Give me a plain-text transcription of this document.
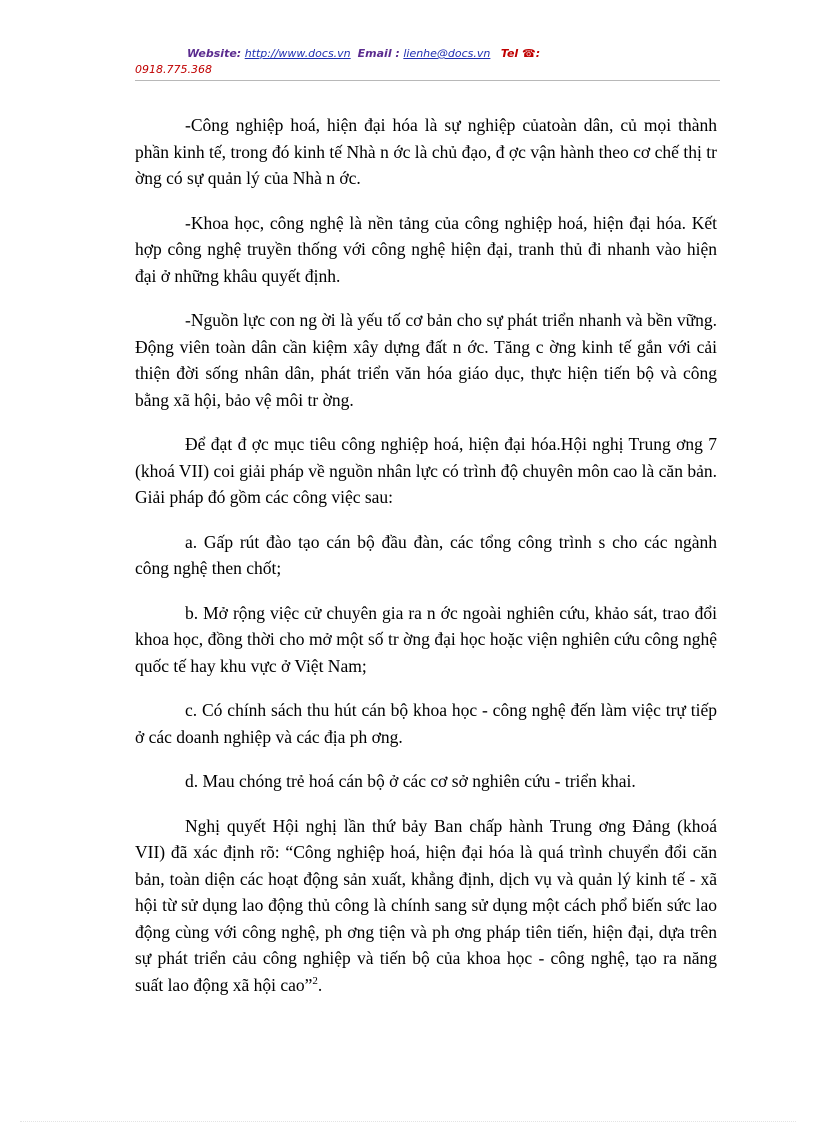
Website: http://www.docs.vn Email : lienhe@docs.vn Tel ☎:
0918.775.368

-Công nghiệp hoá, hiện đại hóa là sự nghiệp củatoàn dân, củ mọi thành phần kinh tế, trong đó kinh tế Nhà n ớc là chủ đạo, đ ợc vận hành theo cơ chế thị tr ờng có sự quản lý của Nhà n ớc.

-Khoa học, công nghệ là nền tảng của công nghiệp hoá, hiện đại hóa. Kết hợp công nghệ truyền thống với công nghệ hiện đại, tranh thủ đi nhanh vào hiện đại ở những khâu quyết định.

-Nguồn lực con ng ời là yếu tố cơ bản cho sự phát triển nhanh và bền vững. Động viên toàn dân cần kiệm xây dựng đất n ớc. Tăng c ờng kinh tế gắn với cải thiện đời sống nhân dân, phát triển văn hóa giáo dục, thực hiện tiến bộ và công bằng xã hội, bảo vệ môi tr ờng.

Để đạt đ ợc mục tiêu công nghiệp hoá, hiện đại hóa.Hội nghị Trung ơng 7 (khoá VII) coi giải pháp về nguồn nhân lực có trình độ chuyên môn cao là căn bản. Giải pháp đó gồm các công việc sau:

a. Gấp rút đào tạo cán bộ đầu đàn, các tổng công trình s cho các ngành công nghệ then chốt;

b. Mở rộng việc cử chuyên gia ra n ớc ngoài nghiên cứu, khảo sát, trao đổi khoa học, đồng thời cho mở một số tr ờng đại học hoặc viện nghiên cứu công nghệ quốc tế hay khu vực ở Việt Nam;

c. Có chính sách thu hút cán bộ khoa học - công nghệ đến làm việc trự tiếp ở các doanh nghiệp và các địa ph ơng.

d. Mau chóng trẻ hoá cán bộ ở các cơ sở nghiên cứu - triển khai.

Nghị quyết Hội nghị lần thứ bảy Ban chấp hành Trung ơng Đảng (khoá VII) đã xác định rõ: “Công nghiệp hoá, hiện đại hóa là quá trình chuyển đổi căn bản, toàn diện các hoạt động sản xuất, khẳng định, dịch vụ và quản lý kinh tế - xã hội từ sử dụng lao động thủ công là chính sang sử dụng một cách phổ biến sức lao động cùng với công nghệ, ph ơng tiện và ph ơng pháp tiên tiến, hiện đại, dựa trên sự phát triển cảu công nghiệp và tiến bộ của khoa học - công nghệ, tạo ra năng suất lao động xã hội cao”$^2$.
